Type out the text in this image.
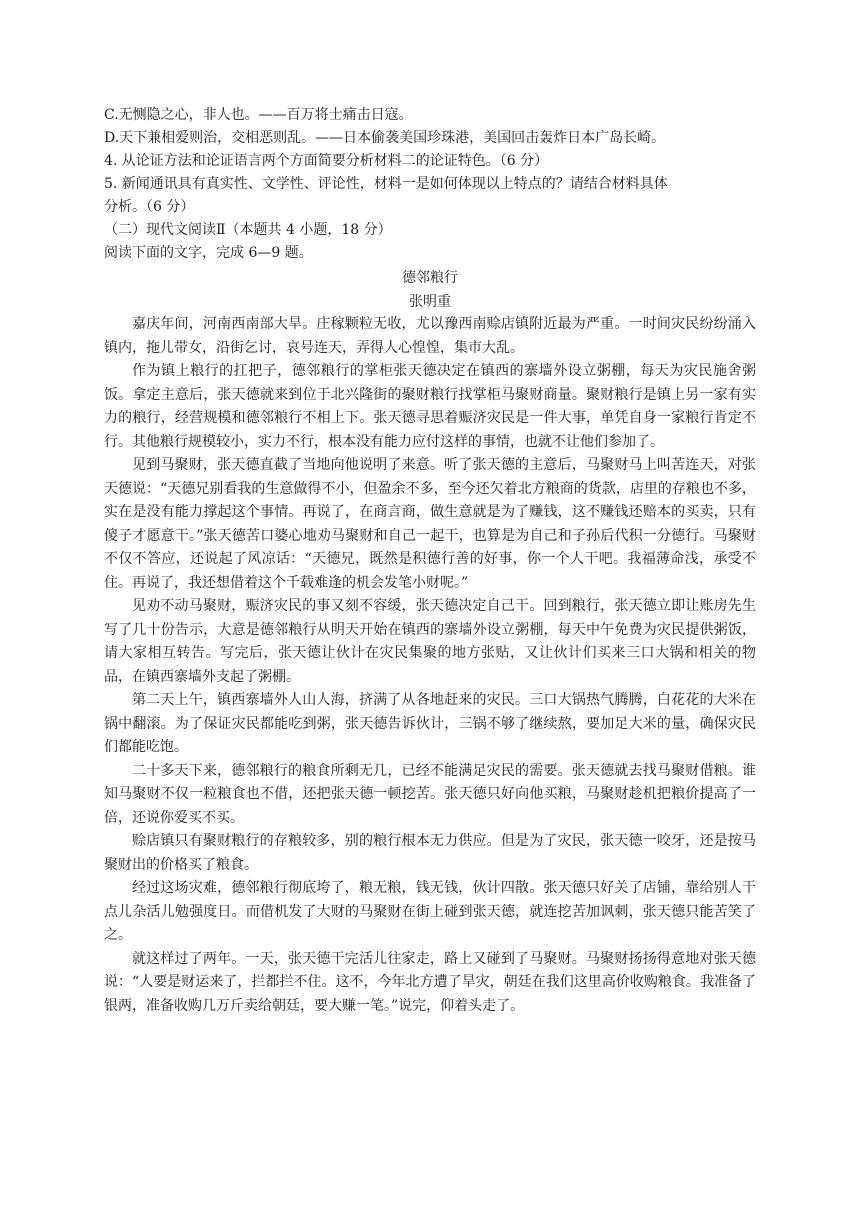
C.无恻隐之心，非人也。——百万将士痛击日寇。
D.天下兼相爱则治，交相恶则乱。——日本偷袭美国珍珠港，美国回击轰炸日本广岛长崎。
4. 从论证方法和论证语言两个方面简要分析材料二的论证特色。（6 分）
5. 新闻通讯具有真实性、文学性、评论性，材料一是如何体现以上特点的？请结合材料具体
分析。（6 分）
（二）现代文阅读Ⅱ（本题共 4 小题，18 分）
阅读下面的文字，完成 6—9 题。
德邻粮行
张明重

嘉庆年间，河南西南部大旱。庄稼颗粒无收，尤以豫西南赊店镇附近最为严重。一时间灾民纷纷涌入镇内，拖儿带女，沿街乞讨，哀号连天，弄得人心惶惶，集市大乱。

作为镇上粮行的扛把子，德邻粮行的掌柜张天德决定在镇西的寨墙外设立粥棚，每天为灾民施舍粥饭。拿定主意后，张天德就来到位于北兴隆街的聚财粮行找掌柜马聚财商量。聚财粮行是镇上另一家有实力的粮行，经营规模和德邻粮行不相上下。张天德寻思着赈济灾民是一件大事，单凭自身一家粮行肯定不行。其他粮行规模较小，实力不行，根本没有能力应付这样的事情，也就不让他们参加了。

见到马聚财，张天德直截了当地向他说明了来意。听了张天德的主意后，马聚财马上叫苦连天，对张天德说：“天德兄别看我的生意做得不小，但盈余不多，至今还欠着北方粮商的货款，店里的存粮也不多，实在是没有能力撑起这个事情。再说了，在商言商，做生意就是为了赚钱，这不赚钱还赔本的买卖，只有傻子才愿意干。”张天德苦口婆心地劝马聚财和自己一起干，也算是为自己和子孙后代积一分德行。马聚财不仅不答应，还说起了风凉话：“天德兄，既然是积德行善的好事，你一个人干吧。我福薄命浅，承受不住。再说了，我还想借着这个千载难逢的机会发笔小财呢。”

见劝不动马聚财，赈济灾民的事又刻不容缓，张天德决定自己干。回到粮行，张天德立即让账房先生写了几十份告示，大意是德邻粮行从明天开始在镇西的寨墙外设立粥棚，每天中午免费为灾民提供粥饭，请大家相互转告。写完后，张天德让伙计在灾民集聚的地方张贴，又让伙计们买来三口大锅和相关的物品，在镇西寨墙外支起了粥棚。

第二天上午，镇西寨墙外人山人海，挤满了从各地赶来的灾民。三口大锅热气腾腾，白花花的大米在锅中翻滚。为了保证灾民都能吃到粥，张天德告诉伙计，三锅不够了继续熬，要加足大米的量，确保灾民们都能吃饱。

二十多天下来，德邻粮行的粮食所剩无几，已经不能满足灾民的需要。张天德就去找马聚财借粮。谁知马聚财不仅一粒粮食也不借，还把张天德一顿挖苦。张天德只好向他买粮，马聚财趁机把粮价提高了一倍，还说你爱买不买。

赊店镇只有聚财粮行的存粮较多，别的粮行根本无力供应。但是为了灾民，张天德一咬牙，还是按马聚财出的价格买了粮食。

经过这场灾难，德邻粮行彻底垮了，粮无粮，钱无钱，伙计四散。张天德只好关了店铺，靠给别人干点儿杂活儿勉强度日。而借机发了大财的马聚财在街上碰到张天德，就连挖苦加讽刺，张天德只能苦笑了之。

就这样过了两年。一天，张天德干完活儿往家走，路上又碰到了马聚财。马聚财扬扬得意地对张天德说：“人要是财运来了，拦都拦不住。这不，今年北方遭了旱灾，朝廷在我们这里高价收购粮食。我准备了银两，准备收购几万斤卖给朝廷，要大赚一笔。”说完，仰着头走了。
